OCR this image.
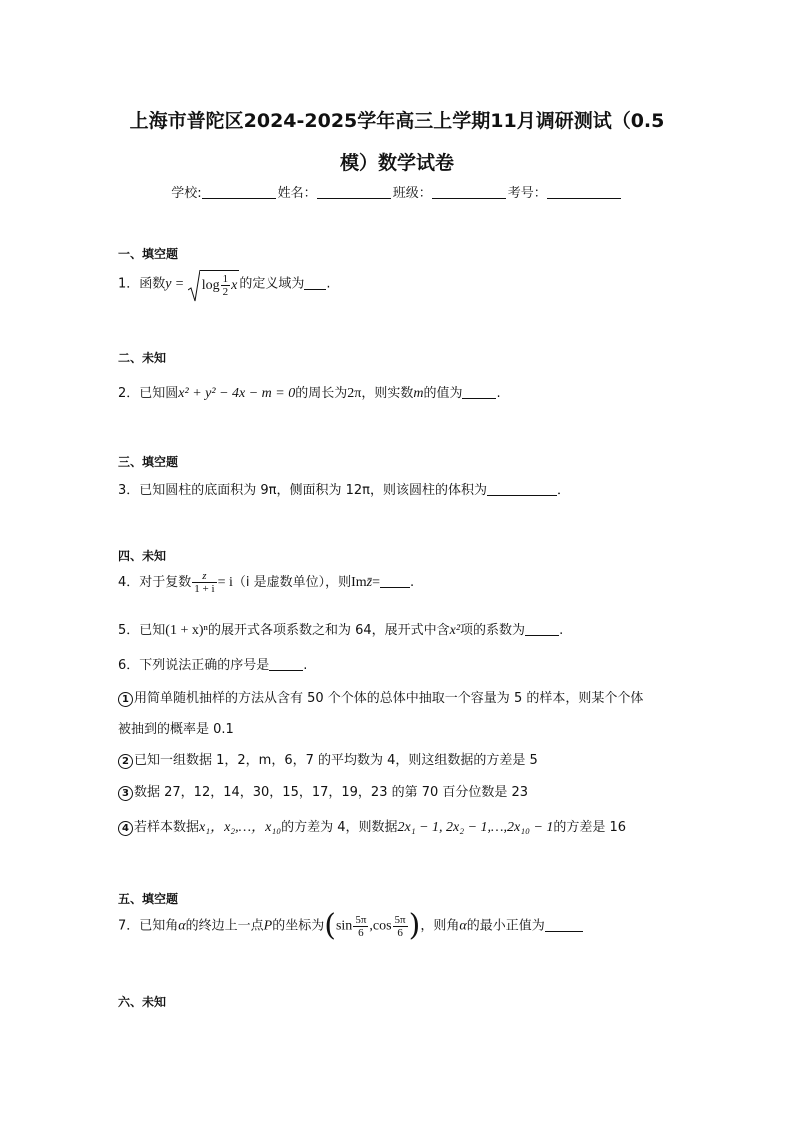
上海市普陀区2024-2025学年高三上学期11月调研测试（0.5
模）数学试卷
学校:	姓名：	班级：	考号：
一、填空题
1．函数$y = \log \frac{1}{2}$ x 的定义域为 .
二、未知
2．已知圆x² + y² − 4x − m = 0的周长为2π，则实数m的值为	.
三、填空题
3．已知圆柱的底面积为 9π，侧面积为 12π，则该圆柱的体积为	．
四、未知
4．对于复数 $\frac{z}{1 + i} = i(i$ 是虚数单位），则Imz̄= .
5．已知(1 + x)ⁿ的展开式各项系数之和为 64，展开式中含x²项的系数为	.
6．下列说法正确的序号是	.
1 用简单随机抽样的方法从含有 50 个个体的总体中抽取一个容量为 5 的样本，则某个个体
被抽到的概率是 0.1
2 已知一组数据 1，2，m，6，7 的平均数为 4，则这组数据的方差是 5
3 数据 27，12，14，30，15，17，19，23 的第 70 百分位数是 23
4 若样本数据x₁，x₂,…，x₁₀的方差为 4，则数据2x₁ − 1, 2x₂ − 1,…,2x₁₀ − 1的方差是 16
五、填空题
7．已知角α的终边上一点P的坐标为($\sin \frac{5\pi}{6} ,\cos \frac{5\pi}{6}$ )，则角α的最小正值为
六、未知
